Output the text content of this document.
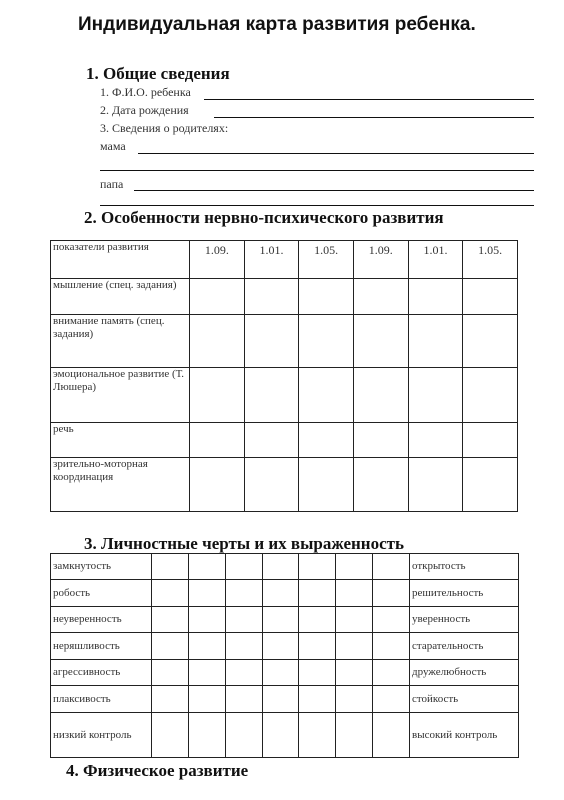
Индивидуальная карта развития ребенка.
1. Общие сведения
1. Ф.И.О. ребенка
2. Дата рождения
3. Сведения о родителях:
мама
папа
2. Особенности нервно-психического развития
показатели развития	1.09.	1.01.	1.05.	1.09.	1.01.	1.05.
мышление (спец. задания)						
внимание память (спец. задания)						
эмоциональное развитие (Т. Люшера)						
речь						
зрительно-моторная координация						
3. Личностные черты и их выраженность
замкнутость								открытость
робость								решительность
неуверенность								уверенность
неряшливость								старательность
агрессивность								дружелюбность
плаксивость								стойкость
низкий контроль								высокий контроль
4. Физическое развитие
